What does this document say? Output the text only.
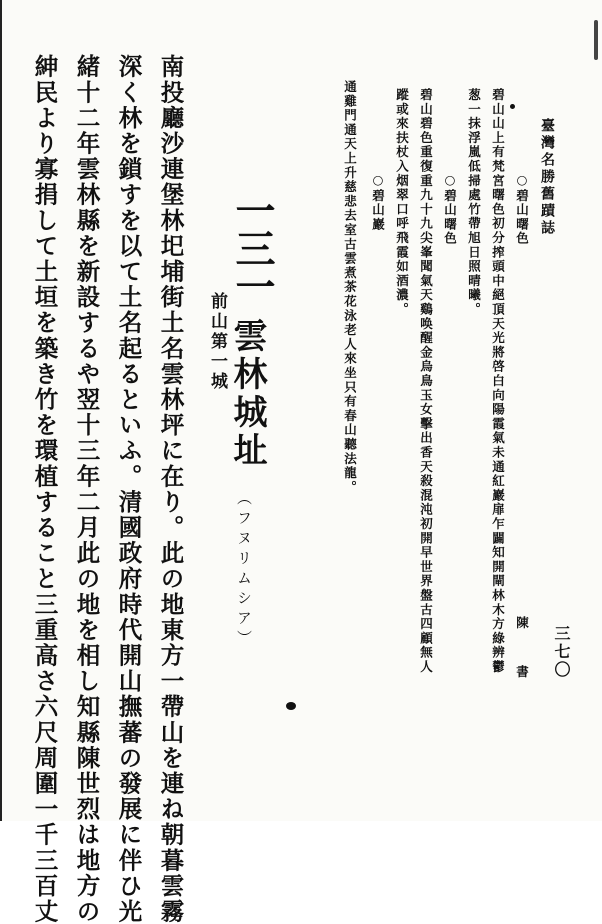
臺灣名勝舊蹟誌
三七〇
○碧山曙色
陳　書
碧山山上有梵宮曙色初分搾頭中絕頂天光將啓白向陽霞氣未通紅巖扉乍闢知開閘林木方綠辨鬱
葱一抹浮嵐低掃處竹帶旭日照晴曦。
○碧山曙色
碧山碧色重復重九十九尖峯聞氣天鷄唤醒金烏鳥玉女擊出香天殺混沌初開早世界盤古四顧無人
蹤或來扶杖入烟翠口呼飛霞如酒濃。
○碧山巖
通雞門通天上升慈悲去室古雲煮茶花泳老人來坐只有春山聽法龍。
一三一
雲林城址
（フヌリムシア）
前山第一城
南投廳沙連堡林圯埔街土名雲林坪に在り。此の地東方一帶山を連ね朝暮雲霧
深く林を鎖すを以て土名起るといふ。清國政府時代開山撫蕃の發展に伴ひ光
緒十二年雲林縣を新設するや翌十三年二月此の地を相し知縣陳世烈は地方の
紳民より寡捐して土垣を築き竹を環植すること三重高さ六尺周圍一千三百丈
